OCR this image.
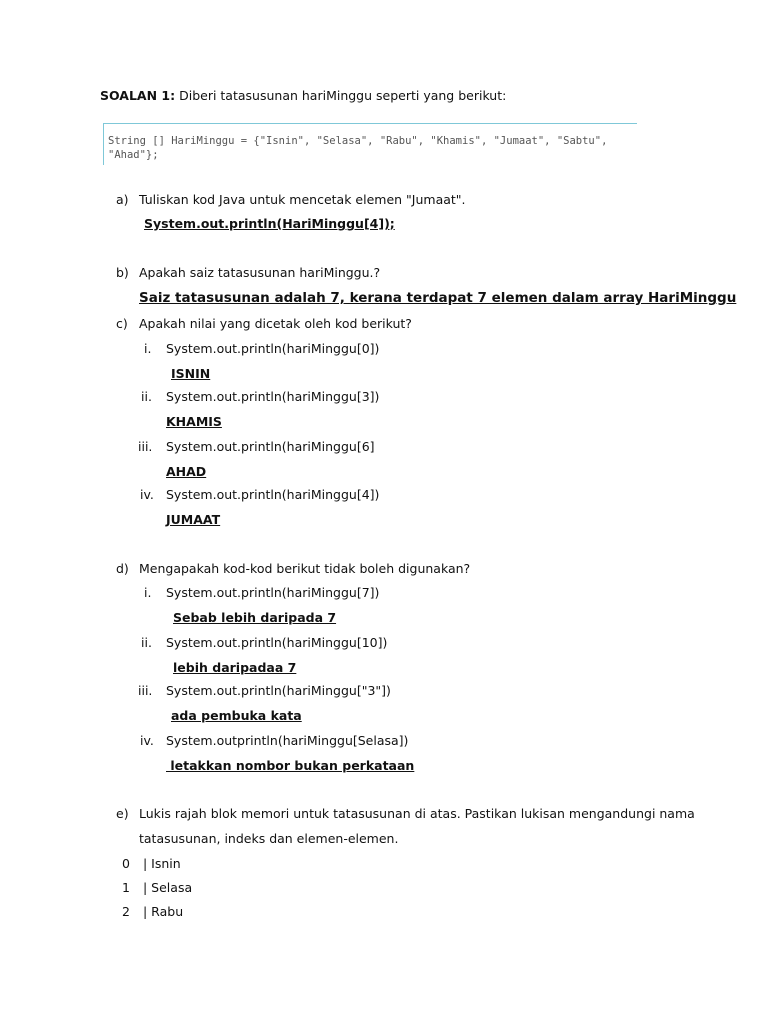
SOALAN 1: Diberi tatasusunan hariMinggu seperti yang berikut:
String [] HariMinggu = {"Isnin", "Selasa", "Rabu", "Khamis", "Jumaat", "Sabtu",
"Ahad"};
a) Tuliskan kod Java untuk mencetak elemen "Jumaat".
System.out.println(HariMinggu[4]);
b) Apakah saiz tatasusunan hariMinggu.?
Saiz tatasusunan adalah 7, kerana terdapat 7 elemen dalam array HariMinggu
c) Apakah nilai yang dicetak oleh kod berikut?
i. System.out.println(hariMinggu[0])
ISNIN
ii. System.out.println(hariMinggu[3])
KHAMIS
iii. System.out.println(hariMinggu[6]
AHAD
iv. System.out.println(hariMinggu[4])
JUMAAT
d) Mengapakah kod-kod berikut tidak boleh digunakan?
i. System.out.println(hariMinggu[7])
Sebab lebih daripada 7
ii. System.out.println(hariMinggu[10])
lebih daripadaa 7
iii. System.out.println(hariMinggu["3"])
ada pembuka kata
iv. System.outprintln(hariMinggu[Selasa])
letakkan nombor bukan perkataan
e) Lukis rajah blok memori untuk tatasusunan di atas. Pastikan lukisan mengandungi nama
tatasusunan, indeks dan elemen-elemen.
0 | Isnin
1 | Selasa
2 | Rabu
